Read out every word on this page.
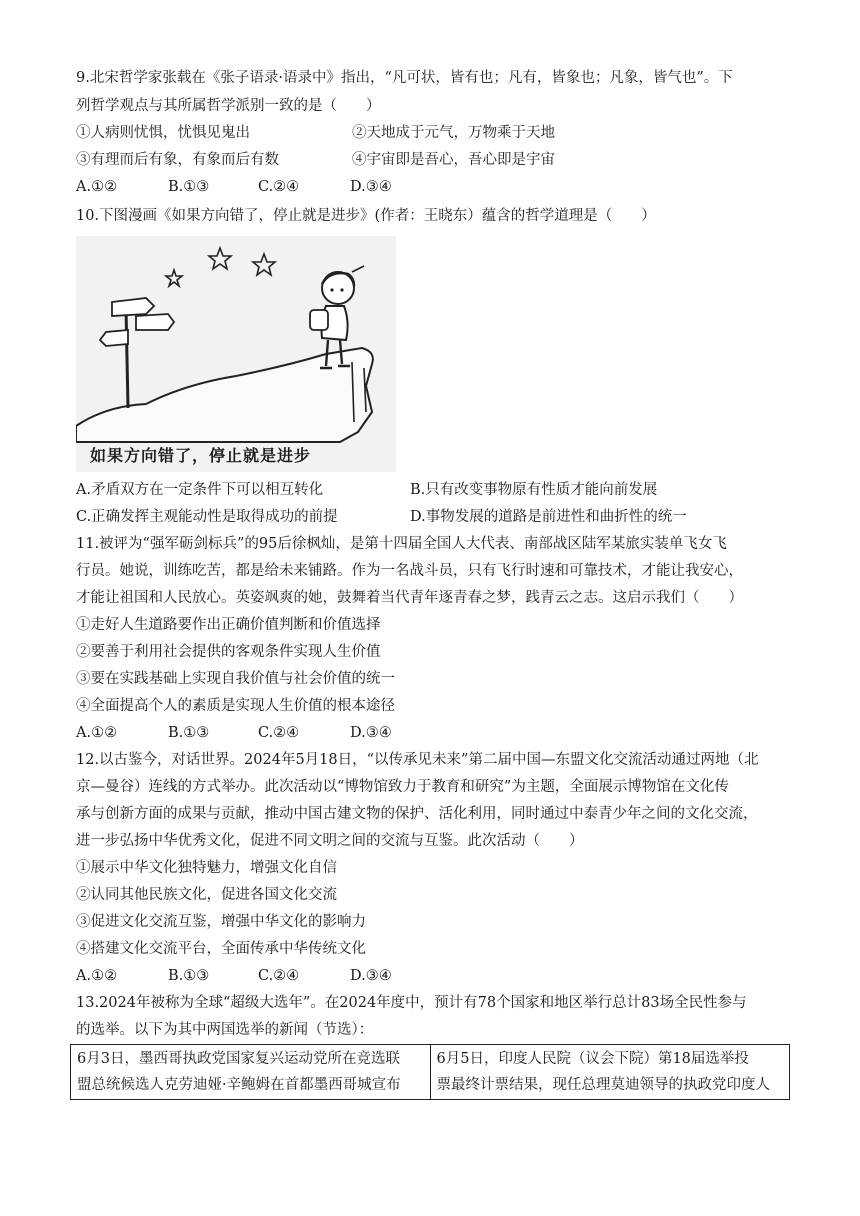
9.北宋哲学家张载在《张子语录·语录中》指出，“凡可状，皆有也；凡有，皆象也；凡象，皆气也”。下
列哲学观点与其所属哲学派别一致的是（　　）
①人病则忧惧，忧惧见鬼出	②天地成于元气，万物乘于天地
③有理而后有象，有象而后有数	④宇宙即是吾心，吾心即是宇宙
A.①②	B.①③	C.②④	D.③④
10.下图漫画《如果方向错了，停止就是进步》(作者：王晓东）蕴含的哲学道理是（　　）
如果方向错了，停止就是进步
A.矛盾双方在一定条件下可以相互转化	B.只有改变事物原有性质才能向前发展
C.正确发挥主观能动性是取得成功的前提	D.事物发展的道路是前进性和曲折性的统一
11.被评为“强军砺剑标兵”的95后徐枫灿，是第十四届全国人大代表、南部战区陆军某旅实装单飞女飞
行员。她说，训练吃苦，都是给未来铺路。作为一名战斗员，只有飞行时速和可靠技术，才能让我安心，
才能让祖国和人民放心。英姿飒爽的她，鼓舞着当代青年逐青春之梦，践青云之志。这启示我们（　　）
①走好人生道路要作出正确价值判断和价值选择
②要善于利用社会提供的客观条件实现人生价值
③要在实践基础上实现自我价值与社会价值的统一
④全面提高个人的素质是实现人生价值的根本途径
A.①②	B.①③	C.②④	D.③④
12.以古鉴今，对话世界。2024年5月18日，“以传承见未来”第二届中国—东盟文化交流活动通过两地（北
京—曼谷）连线的方式举办。此次活动以“博物馆致力于教育和研究”为主题，全面展示博物馆在文化传
承与创新方面的成果与贡献，推动中国古建文物的保护、活化利用，同时通过中泰青少年之间的文化交流，
进一步弘扬中华优秀文化，促进不同文明之间的交流与互鉴。此次活动（　　）
①展示中华文化独特魅力，增强文化自信
②认同其他民族文化，促进各国文化交流
③促进文化交流互鉴，增强中华文化的影响力
④搭建文化交流平台，全面传承中华传统文化
A.①②	B.①③	C.②④	D.③④
13.2024年被称为全球“超级大选年”。在2024年度中，预计有78个国家和地区举行总计83场全民性参与
6月3日，墨西哥执政党国家复兴运动党所在竞选联
盟总统候选人克劳迪娅·辛鲍姆在首都墨西哥城宣布

6月5日，印度人民院（议会下院）第18届选举投
票最终计票结果，现任总理莫迪领导的执政党印度人
的选举。以下为其中两国选举的新闻（节选）：
